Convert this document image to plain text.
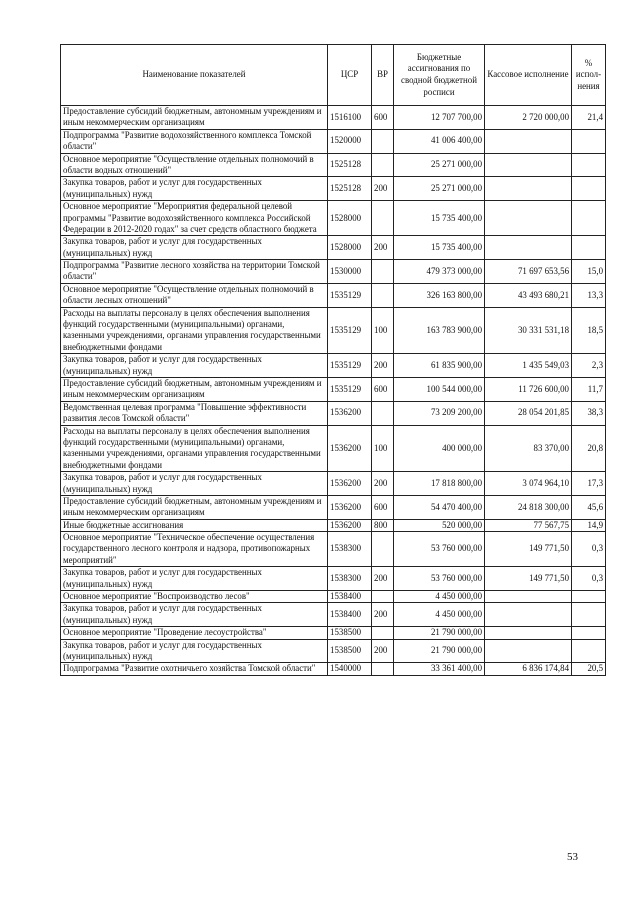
Наименование показателей	ЦСР	ВР	Бюджетные ассигнования по сводной бюджетной росписи	Кассовое исполнение	% испол-нения
Предоставление субсидий бюджетным, автономным учреждениям и иным некоммерческим организациям	1516100	600	12 707 700,00	2 720 000,00	21,4
Подпрограмма "Развитие водохозяйственного комплекса Томской области"	1520000		41 006 400,00		
Основное мероприятие "Осуществление отдельных полномочий в области водных отношений"	1525128		25 271 000,00		
Закупка товаров, работ и услуг для государственных (муниципальных) нужд	1525128	200	25 271 000,00		
Основное мероприятие "Мероприятия федеральной целевой программы "Развитие водохозяйственного комплекса Российской Федерации в 2012-2020 годах" за счет средств областного бюджета	1528000		15 735 400,00		
Закупка товаров, работ и услуг для государственных (муниципальных) нужд	1528000	200	15 735 400,00		
Подпрограмма "Развитие лесного хозяйства на территории Томской области"	1530000		479 373 000,00	71 697 653,56	15,0
Основное мероприятие "Осуществление отдельных полномочий в области лесных отношений"	1535129		326 163 800,00	43 493 680,21	13,3
Расходы на выплаты персоналу в целях обеспечения выполнения функций государственными (муниципальными) органами, казенными учреждениями, органами управления государственными внебюджетными фондами	1535129	100	163 783 900,00	30 331 531,18	18,5
Закупка товаров, работ и услуг для государственных (муниципальных) нужд	1535129	200	61 835 900,00	1 435 549,03	2,3
Предоставление субсидий бюджетным, автономным учреждениям и иным некоммерческим организациям	1535129	600	100 544 000,00	11 726 600,00	11,7
Ведомственная целевая программа "Повышение эффективности развития лесов Томской области"	1536200		73 209 200,00	28 054 201,85	38,3
Расходы на выплаты персоналу в целях обеспечения выполнения функций государственными (муниципальными) органами, казенными учреждениями, органами управления государственными внебюджетными фондами	1536200	100	400 000,00	83 370,00	20,8
Закупка товаров, работ и услуг для государственных (муниципальных) нужд	1536200	200	17 818 800,00	3 074 964,10	17,3
Предоставление субсидий бюджетным, автономным учреждениям и иным некоммерческим организациям	1536200	600	54 470 400,00	24 818 300,00	45,6
Иные бюджетные ассигнования	1536200	800	520 000,00	77 567,75	14,9
Основное мероприятие "Техническое обеспечение осуществления государственного лесного контроля и надзора, противопожарных мероприятий"	1538300		53 760 000,00	149 771,50	0,3
Закупка товаров, работ и услуг для государственных (муниципальных) нужд	1538300	200	53 760 000,00	149 771,50	0,3
Основное мероприятие "Воспроизводство лесов"	1538400		4 450 000,00		
Закупка товаров, работ и услуг для государственных (муниципальных) нужд	1538400	200	4 450 000,00		
Основное мероприятие "Проведение лесоустройства"	1538500		21 790 000,00		
Закупка товаров, работ и услуг для государственных (муниципальных) нужд	1538500	200	21 790 000,00		
Подпрограмма "Развитие охотничьего хозяйства Томской области"	1540000		33 361 400,00	6 836 174,84	20,5
53
